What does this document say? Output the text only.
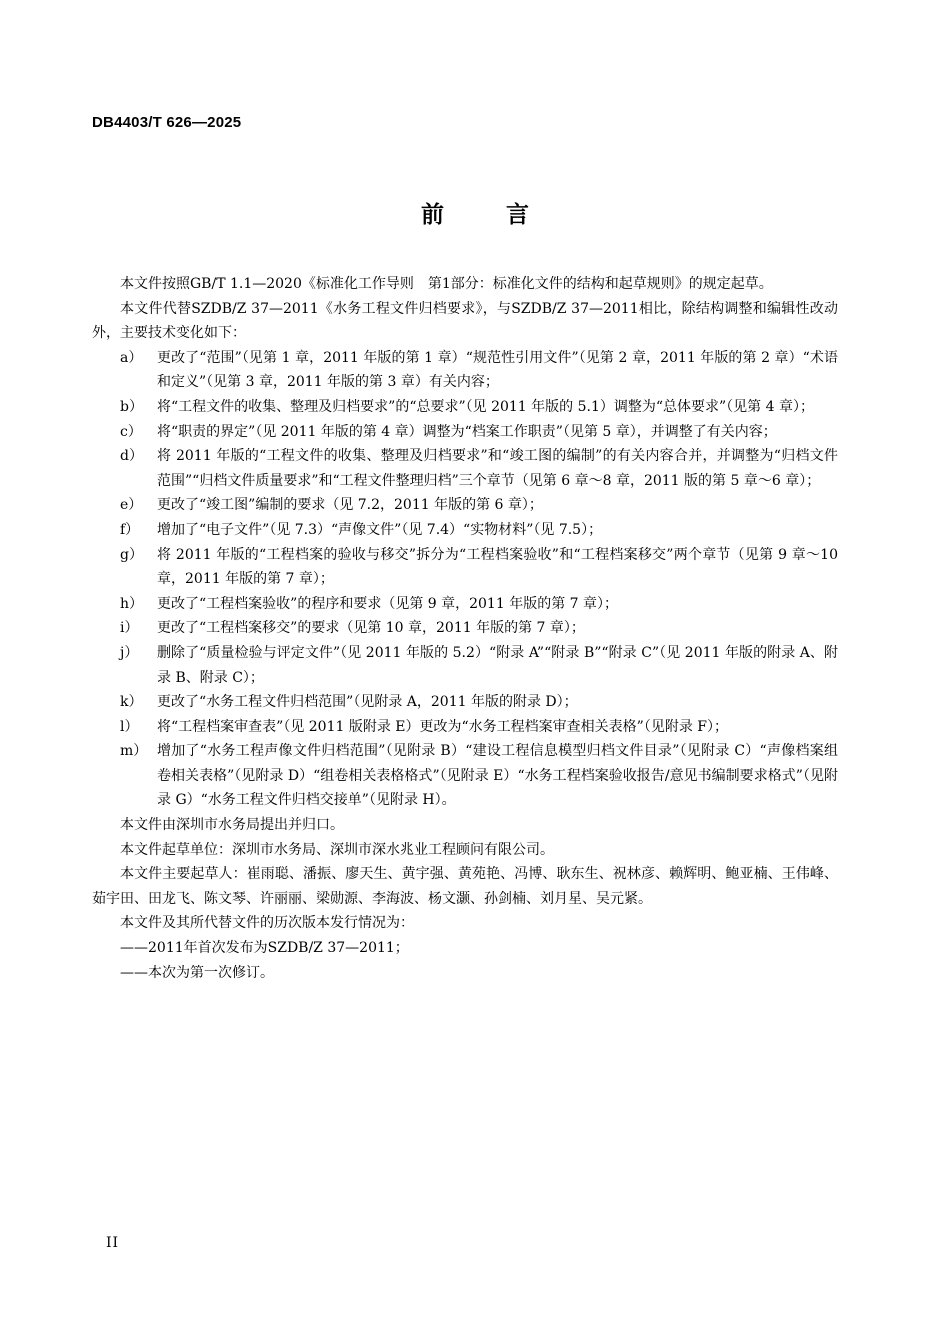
DB4403/T 626—2025
前	言

本文件按照GB/T 1.1—2020《标准化工作导则　第1部分：标准化文件的结构和起草规则》的规定起草。

本文件代替SZDB/Z 37—2011《水务工程文件归档要求》，与SZDB/Z 37—2011相比，除结构调整和编辑性改动外，主要技术变化如下：

a） 更改了“范围”（见第 1 章，2011 年版的第 1 章）“规范性引用文件”（见第 2 章，2011 年版的第 2 章）“术语和定义”（见第 3 章，2011 年版的第 3 章）有关内容；
b） 将“工程文件的收集、整理及归档要求”的“总要求”（见 2011 年版的 5.1）调整为“总体要求”（见第 4 章）；
c） 将“职责的界定”（见 2011 年版的第 4 章）调整为“档案工作职责”（见第 5 章），并调整了有关内容；
d） 将 2011 年版的“工程文件的收集、整理及归档要求”和“竣工图的编制”的有关内容合并，并调整为“归档文件范围”“归档文件质量要求”和“工程文件整理归档”三个章节（见第 6 章～8 章，2011 版的第 5 章～6 章）；
e） 更改了“竣工图”编制的要求（见 7.2，2011 年版的第 6 章）；
f） 增加了“电子文件”（见 7.3）“声像文件”（见 7.4）“实物材料”（见 7.5）；
g） 将 2011 年版的“工程档案的验收与移交”拆分为“工程档案验收”和“工程档案移交”两个章节（见第 9 章～10 章，2011 年版的第 7 章）；
h） 更改了“工程档案验收”的程序和要求（见第 9 章，2011 年版的第 7 章）；
i） 更改了“工程档案移交”的要求（见第 10 章，2011 年版的第 7 章）；
j） 删除了“质量检验与评定文件”（见 2011 年版的 5.2）“附录 A”“附录 B”“附录 C”（见 2011 年版的附录 A、附录 B、附录 C）；
k） 更改了“水务工程文件归档范围”（见附录 A，2011 年版的附录 D）；
l） 将“工程档案审查表”（见 2011 版附录 E）更改为“水务工程档案审查相关表格”（见附录 F）；
m） 增加了“水务工程声像文件归档范围”（见附录 B）“建设工程信息模型归档文件目录”（见附录 C）“声像档案组卷相关表格”（见附录 D）“组卷相关表格格式”（见附录 E）“水务工程档案验收报告/意见书编制要求格式”（见附录 G）“水务工程文件归档交接单”（见附录 H）。

本文件由深圳市水务局提出并归口。

本文件起草单位：深圳市水务局、深圳市深水兆业工程顾问有限公司。

本文件主要起草人：崔雨聪、潘振、廖天生、黄宇强、黄苑艳、冯博、耿东生、祝林彦、赖辉明、鲍亚楠、王伟峰、茹宇田、田龙飞、陈文琴、许丽丽、梁勋源、李海波、杨文灏、孙剑楠、刘月星、吴元紧。

本文件及其所代替文件的历次版本发行情况为：

——2011年首次发布为SZDB/Z 37—2011；

——本次为第一次修订。

II
